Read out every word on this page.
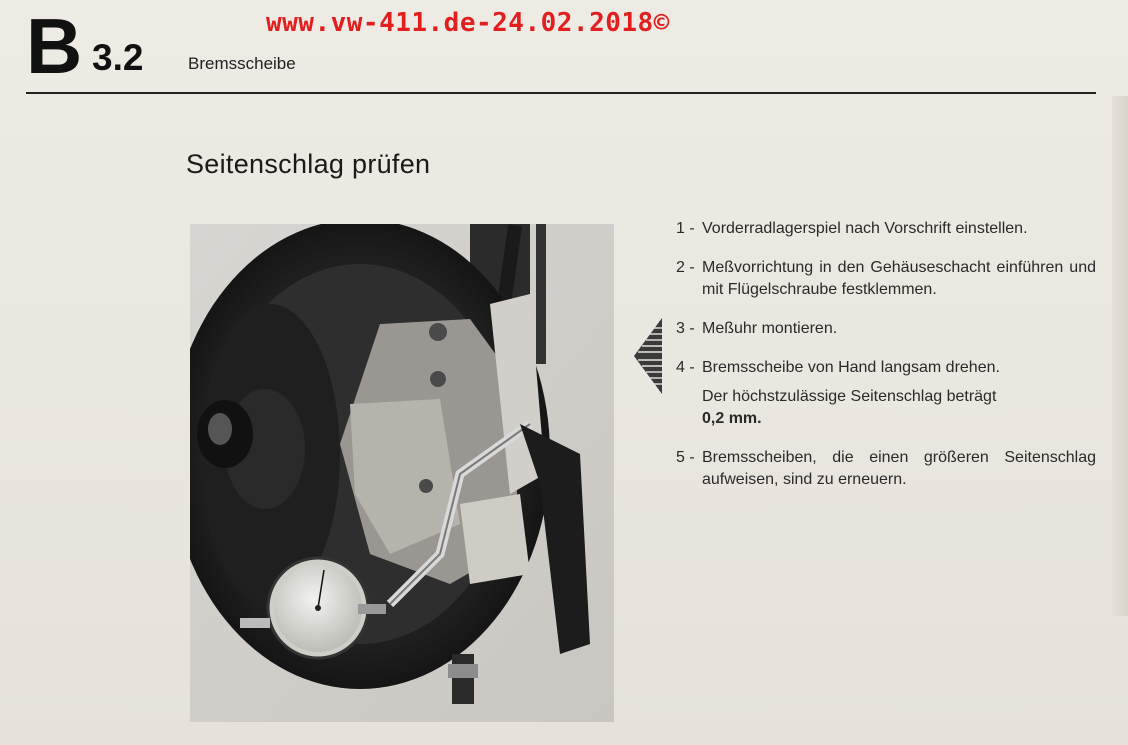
B 3.2	Bremsscheibe
www.vw-411.de-24.02.2018©
Seitenschlag prüfen
1 - Vorderradlagerspiel nach Vorschrift einstellen.
2 - Meßvorrichtung in den Gehäuseschacht einführen und mit Flügelschraube festklemmen.
3 - Meßuhr montieren.
4 - Bremsscheibe von Hand langsam drehen.
Der höchstzulässige Seitenschlag beträgt
0,2 mm.
5 - Bremsscheiben, die einen größeren Seitenschlag aufweisen, sind zu erneuern.
